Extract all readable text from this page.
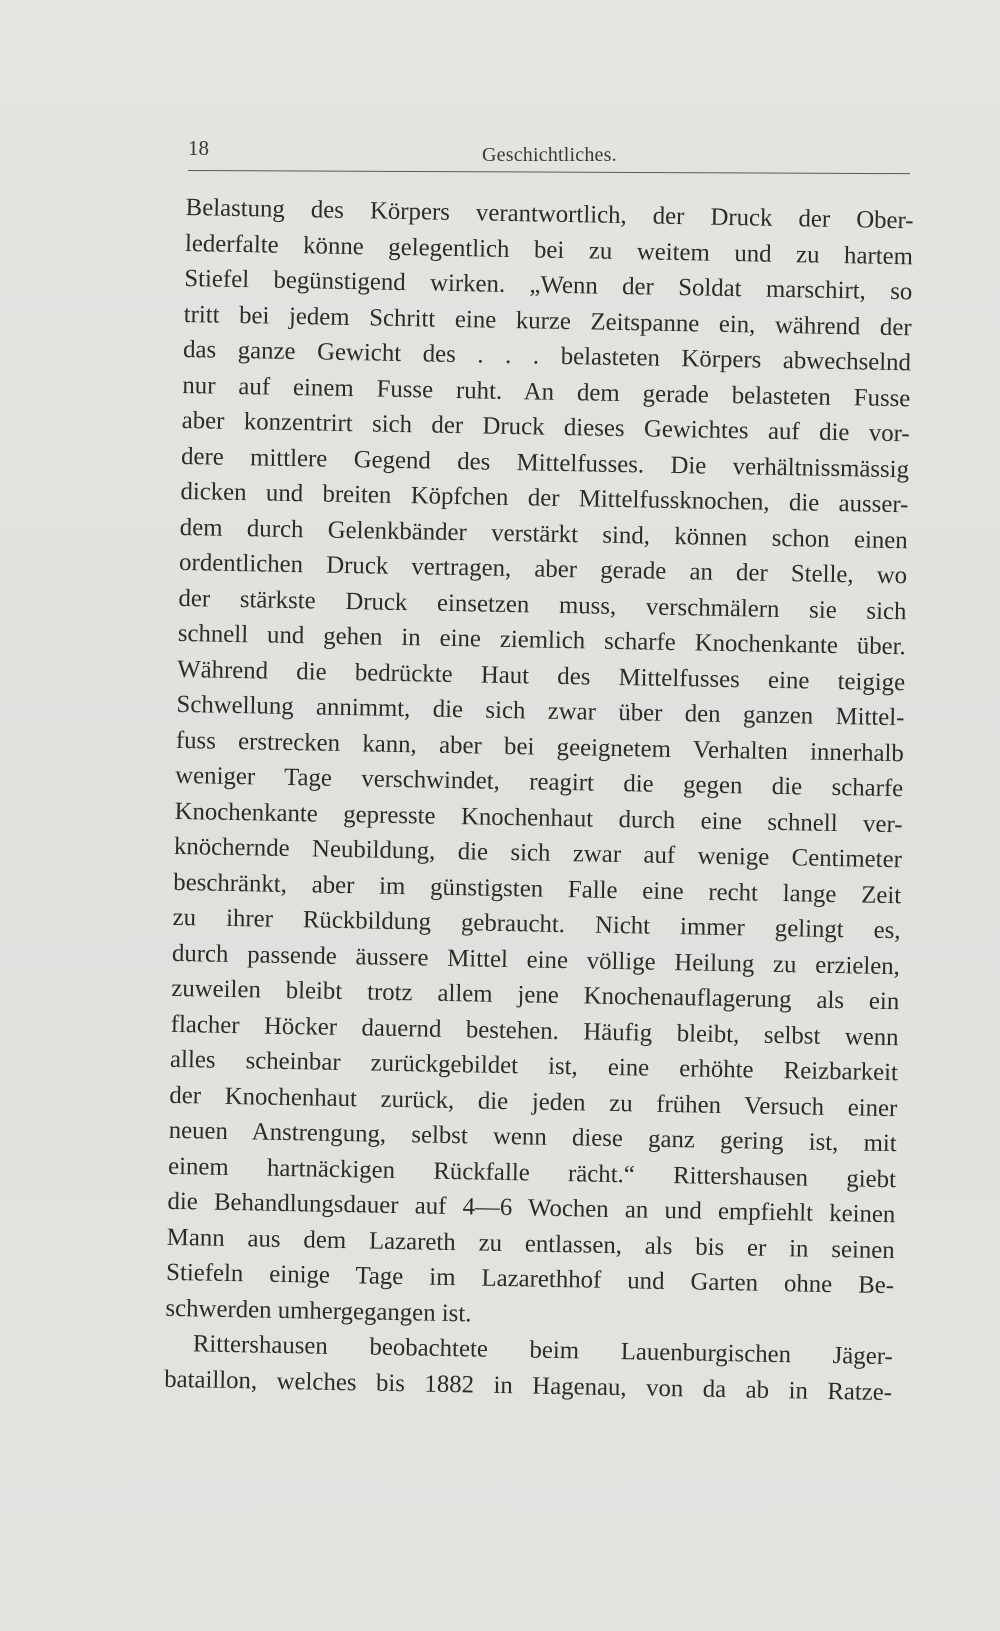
18	Geschichtliches.
Belastung des Körpers verantwortlich, der Druck der Ober-
lederfalte könne gelegentlich bei zu weitem und zu hartem
Stiefel begünstigend wirken. „Wenn der Soldat marschirt, so
tritt bei jedem Schritt eine kurze Zeitspanne ein, während der
das ganze Gewicht des . . . belasteten Körpers abwechselnd
nur auf einem Fusse ruht. An dem gerade belasteten Fusse
aber konzentrirt sich der Druck dieses Gewichtes auf die vor-
dere mittlere Gegend des Mittelfusses. Die verhältnissmässig
dicken und breiten Köpfchen der Mittelfussknochen, die ausser-
dem durch Gelenkbänder verstärkt sind, können schon einen
ordentlichen Druck vertragen, aber gerade an der Stelle, wo
der stärkste Druck einsetzen muss, verschmälern sie sich
schnell und gehen in eine ziemlich scharfe Knochenkante über.
Während die bedrückte Haut des Mittelfusses eine teigige
Schwellung annimmt, die sich zwar über den ganzen Mittel-
fuss erstrecken kann, aber bei geeignetem Verhalten innerhalb
weniger Tage verschwindet, reagirt die gegen die scharfe
Knochenkante gepresste Knochenhaut durch eine schnell ver-
knöchernde Neubildung, die sich zwar auf wenige Centimeter
beschränkt, aber im günstigsten Falle eine recht lange Zeit
zu ihrer Rückbildung gebraucht. Nicht immer gelingt es,
durch passende äussere Mittel eine völlige Heilung zu erzielen,
zuweilen bleibt trotz allem jene Knochenauflagerung als ein
flacher Höcker dauernd bestehen. Häufig bleibt, selbst wenn
alles scheinbar zurückgebildet ist, eine erhöhte Reizbarkeit
der Knochenhaut zurück, die jeden zu frühen Versuch einer
neuen Anstrengung, selbst wenn diese ganz gering ist, mit
einem hartnäckigen Rückfalle rächt.“ Rittershausen giebt
die Behandlungsdauer auf 4—6 Wochen an und empfiehlt keinen
Mann aus dem Lazareth zu entlassen, als bis er in seinen
Stiefeln einige Tage im Lazarethhof und Garten ohne Be-
schwerden umhergegangen ist.
Rittershausen beobachtete beim Lauenburgischen Jäger-
bataillon, welches bis 1882 in Hagenau, von da ab in Ratze-
